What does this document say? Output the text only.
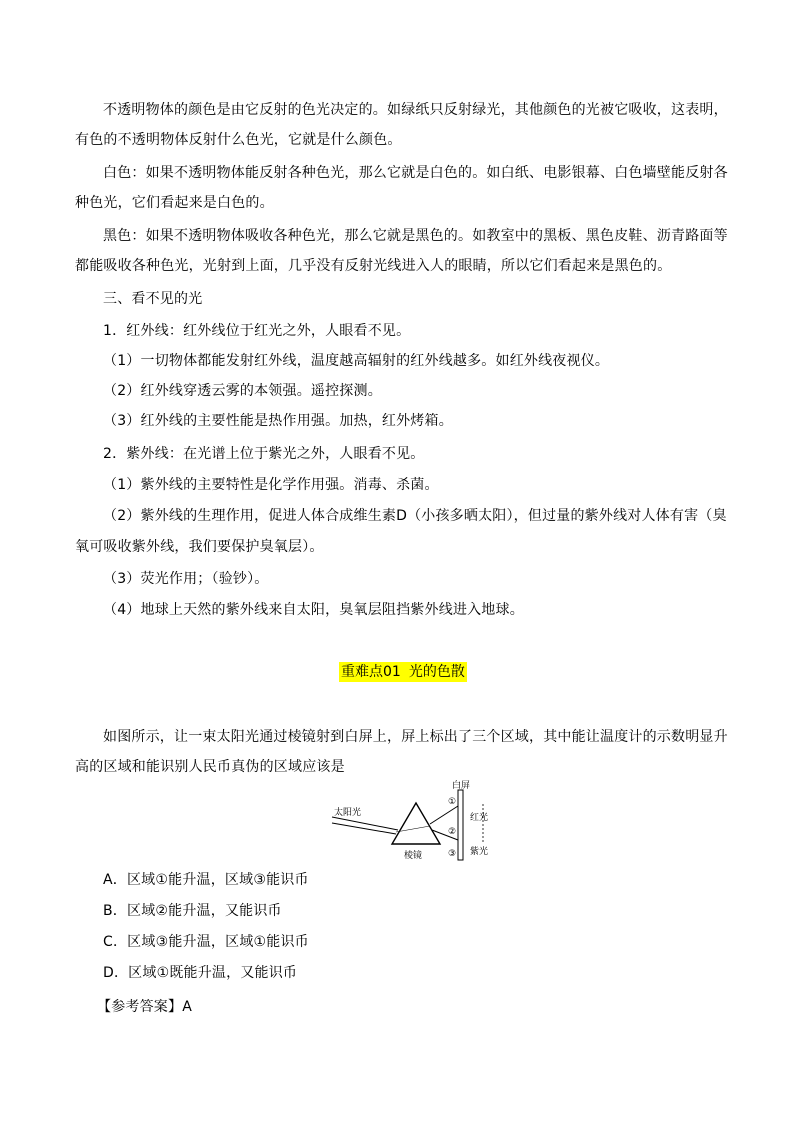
不透明物体的颜色是由它反射的色光决定的。如绿纸只反射绿光，其他颜色的光被它吸收，这表明，
有色的不透明物体反射什么色光，它就是什么颜色。
白色：如果不透明物体能反射各种色光，那么它就是白色的。如白纸、电影银幕、白色墙壁能反射各
种色光，它们看起来是白色的。
黑色：如果不透明物体吸收各种色光，那么它就是黑色的。如教室中的黑板、黑色皮鞋、沥青路面等
都能吸收各种色光，光射到上面，几乎没有反射光线进入人的眼睛，所以它们看起来是黑色的。
三、看不见的光
1．红外线：红外线位于红光之外，人眼看不见。
（1）一切物体都能发射红外线，温度越高辐射的红外线越多。如红外线夜视仪。
（2）红外线穿透云雾的本领强。遥控探测。
（3）红外线的主要性能是热作用强。加热，红外烤箱。
2．紫外线：在光谱上位于紫光之外，人眼看不见。
（1）紫外线的主要特性是化学作用强。消毒、杀菌。
（2）紫外线的生理作用，促进人体合成维生素D（小孩多晒太阳），但过量的紫外线对人体有害（臭
氧可吸收紫外线，我们要保护臭氧层）。
（3）荧光作用；（验钞）。
（4）地球上天然的紫外线来自太阳，臭氧层阻挡紫外线进入地球。
重难点01 光的色散
如图所示，让一束太阳光通过棱镜射到白屏上，屏上标出了三个区域，其中能让温度计的示数明显升
高的区域和能识别人民币真伪的区域应该是
太阳光
棱镜
白屏
①
②
③
红光
紫光
A．区域①能升温，区域③能识币
B．区域②能升温，又能识币
C．区域③能升温，区域①能识币
D．区域①既能升温，又能识币
【参考答案】A
